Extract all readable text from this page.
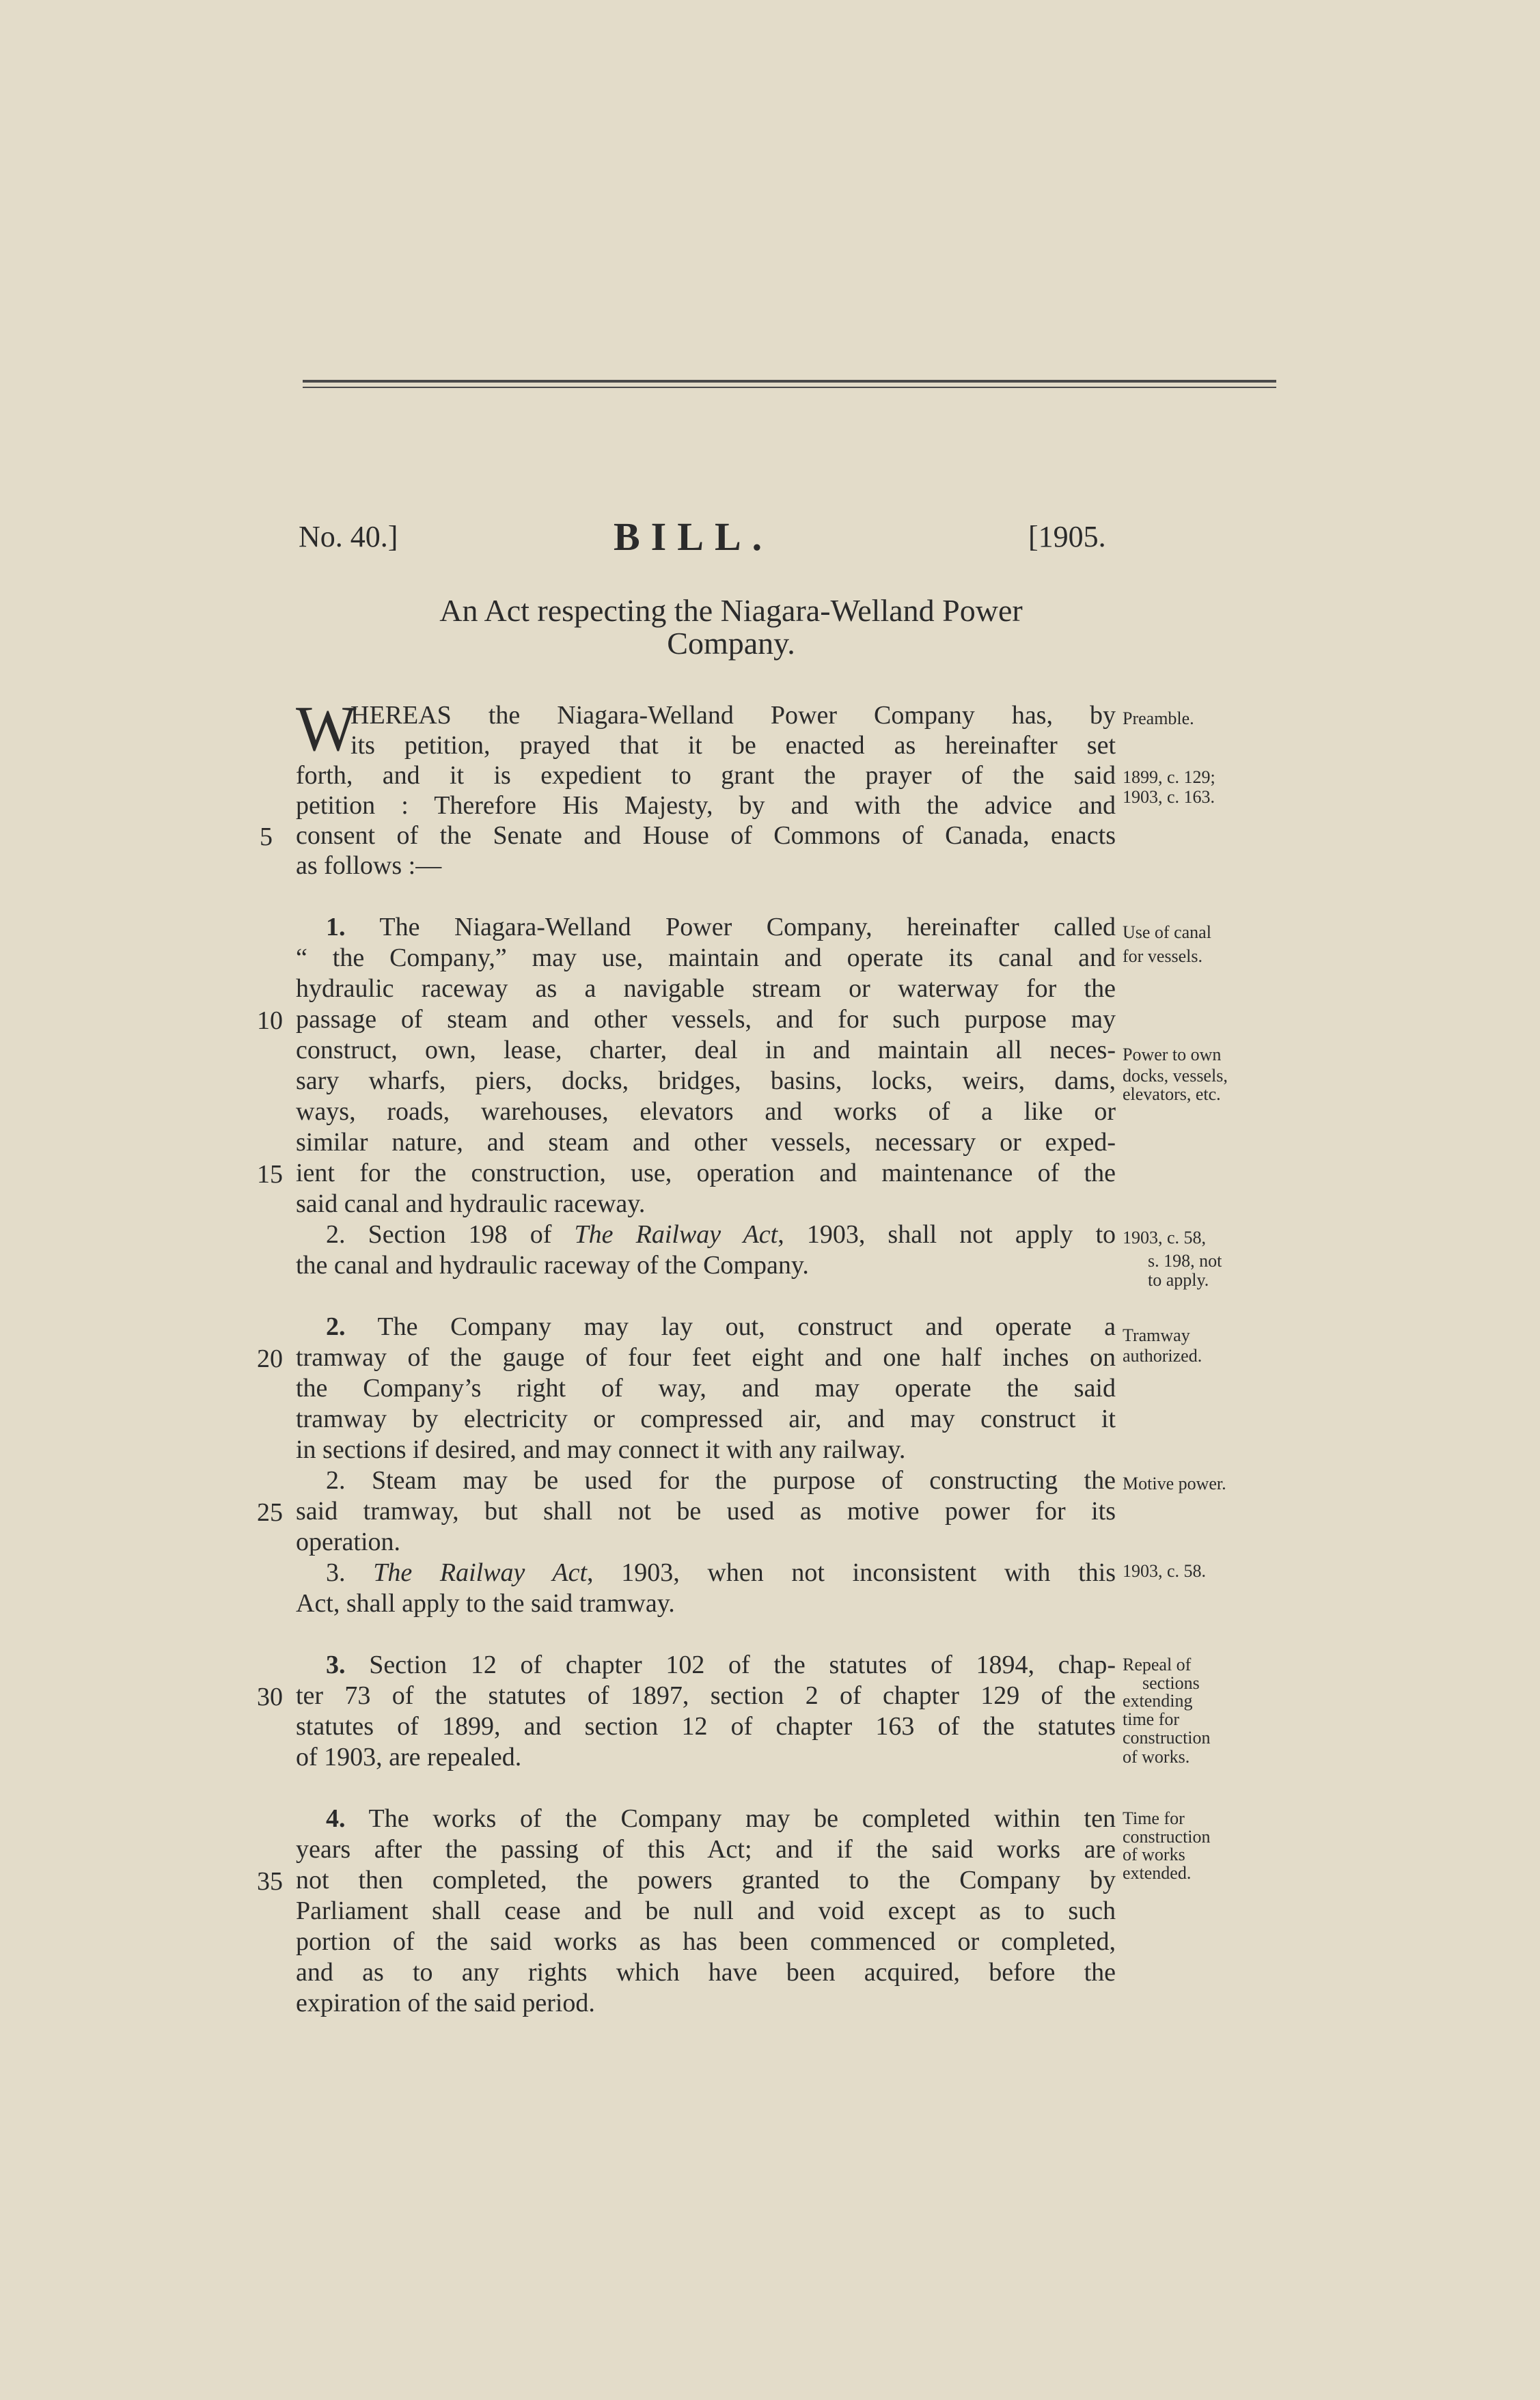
No. 40.]	BILL.	[1905.
An Act respecting the Niagara-Welland Power
Company.
W
HEREAS the Niagara-Welland Power Company has, by
its petition, prayed that it be enacted as hereinafter set
forth, and it is expedient to grant the prayer of the said
petition : Therefore His Majesty, by and with the advice and
consent of the Senate and House of Commons of Canada, enacts
as follows :—
1. The Niagara-Welland Power Company, hereinafter called
“ the Company,” may use, maintain and operate its canal and
hydraulic raceway as a navigable stream or waterway for the
passage of steam and other vessels, and for such purpose may
construct, own, lease, charter, deal in and maintain all neces-
sary wharfs, piers, docks, bridges, basins, locks, weirs, dams,
ways, roads, warehouses, elevators and works of a like or
similar nature, and steam and other vessels, necessary or exped-
ient for the construction, use, operation and maintenance of the
said canal and hydraulic raceway.
2. Section 198 of The Railway Act, 1903, shall not apply to
the canal and hydraulic raceway of the Company.
2. The Company may lay out, construct and operate a
tramway of the gauge of four feet eight and one half inches on
the Company’s right of way, and may operate the said
tramway by electricity or compressed air, and may construct it
in sections if desired, and may connect it with any railway.
2. Steam may be used for the purpose of constructing the
said tramway, but shall not be used as motive power for its
operation.
3. The Railway Act, 1903, when not inconsistent with this
Act, shall apply to the said tramway.
3. Section 12 of chapter 102 of the statutes of 1894, chap-
ter 73 of the statutes of 1897, section 2 of chapter 129 of the
statutes of 1899, and section 12 of chapter 163 of the statutes
of 1903, are repealed.
4. The works of the Company may be completed within ten
years after the passing of this Act; and if the said works are
not then completed, the powers granted to the Company by
Parliament shall cease and be null and void except as to such
portion of the said works as has been commenced or completed,
and as to any rights which have been acquired, before the
expiration of the said period.
5
10
15
20
25
30
35
Preamble.
1899, c. 129;
1903, c. 163.
Use of canal
for vessels.
Power to own
docks, vessels,
elevators, etc.
1903, c. 58,
s. 198, not
to apply.
Tramway
authorized.
Motive power.
1903, c. 58.
Repeal of
sections
extending
time for
construction
of works.
Time for
construction
of works
extended.
